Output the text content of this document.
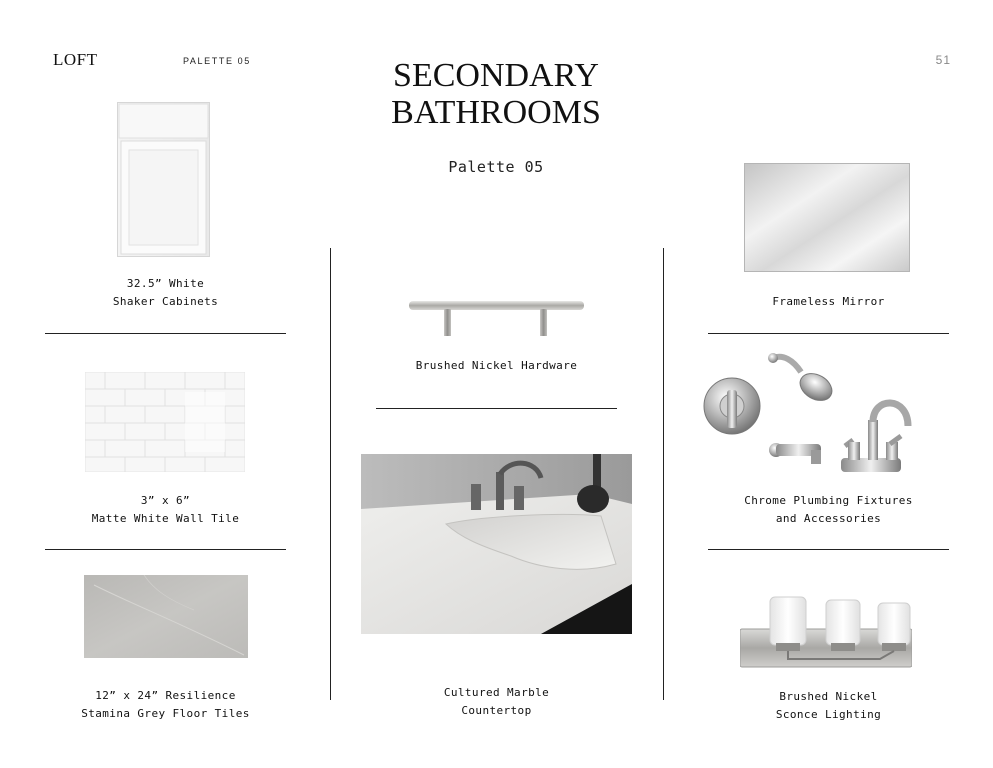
LOFT	PALETTE 05	51
SECONDARY
BATHROOMS
Palette 05
32.5” White
Shaker Cabinets
3” x 6”
Matte White Wall Tile
12” x 24” Resilience
Stamina Grey Floor Tiles
Brushed Nickel Hardware
Cultured Marble
Countertop
Frameless Mirror
Chrome Plumbing Fixtures
and Accessories
Brushed Nickel
Sconce Lighting
